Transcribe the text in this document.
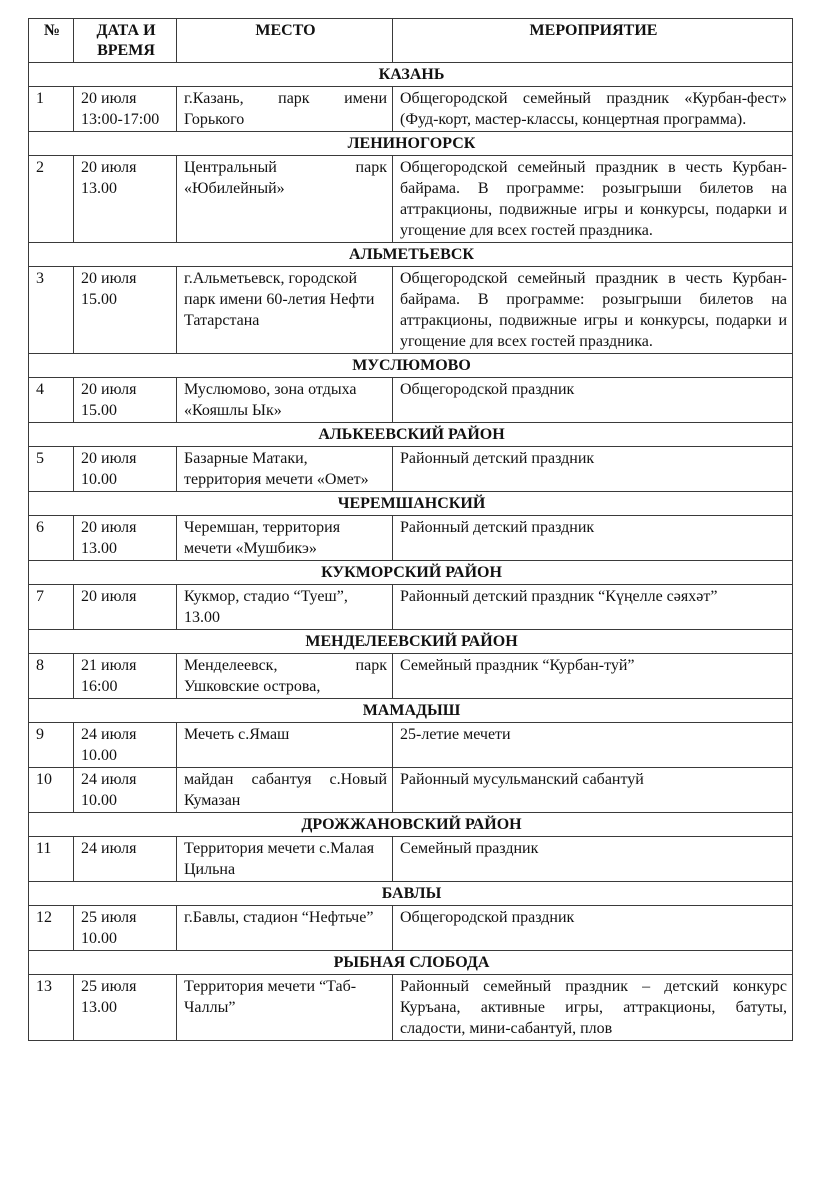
№	ДАТА И ВРЕМЯ	МЕСТО	МЕРОПРИЯТИЕ
КАЗАНЬ			
1	20 июля 13:00-17:00	г.Казань, парк имени Горького	Общегородской семейный праздник «Курбан-фест» (Фуд-корт, мастер-классы, концертная программа).
ЛЕНИНОГОРСК			
2	20 июля 13.00	Центральный парк «Юбилейный»	Общегородской семейный праздник в честь Курбан-байрама. В программе: розыгрыши билетов на аттракционы, подвижные игры и конкурсы, подарки и угощение для всех гостей праздника.
АЛЬМЕТЬЕВСК			
3	20 июля 15.00	г.Альметьевск, городской парк имени 60-летия Нефти Татарстана	Общегородской семейный праздник в честь Курбан-байрама. В программе: розыгрыши билетов на аттракционы, подвижные игры и конкурсы, подарки и угощение для всех гостей праздника.
МУСЛЮМОВО			
4	20 июля 15.00	Муслюмово, зона отдыха «Кояшлы Ык»	Общегородской праздник
АЛЬКЕЕВСКИЙ РАЙОН			
5	20 июля 10.00	Базарные Матаки, территория мечети «Омет»	Районный детский праздник
ЧЕРЕМШАНСКИЙ			
6	20 июля 13.00	Черемшан, территория мечети «Мушбикэ»	Районный детский праздник
КУКМОРСКИЙ РАЙОН			
7	20 июля	Кукмор, стадио “Туеш”, 13.00	Районный детский праздник “Күңелле сәяхәт”
МЕНДЕЛЕЕВСКИЙ РАЙОН			
8	21 июля 16:00	Менделеевск, парк Ушковские острова,	Семейный праздник “Курбан-туй”
МАМАДЫШ			
9	24 июля 10.00	Мечеть с.Ямаш	25-летие мечети
10	24 июля 10.00	майдан сабантуя с.Новый Кумазан	Районный мусульманский сабантуй
ДРОЖЖАНОВСКИЙ РАЙОН			
11	24 июля	Территория мечети с.Малая Цильна	Семейный праздник
БАВЛЫ			
12	25 июля 10.00	г.Бавлы, стадион “Нефтьче”	Общегородской праздник
РЫБНАЯ СЛОБОДА			
13	25 июля 13.00	Территория мечети “Таб-Чаллы”	Районный семейный праздник – детский конкурс Куръана, активные игры, аттракционы, батуты, сладости, мини-сабантуй, плов
